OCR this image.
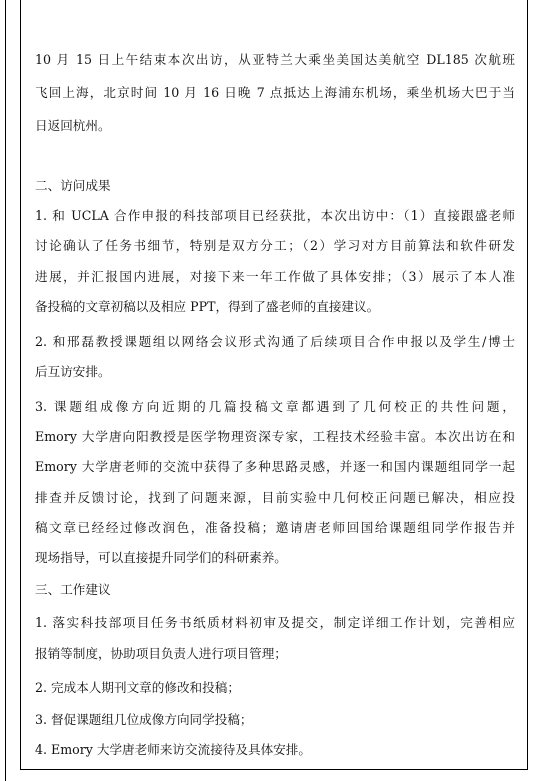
10 月 15 日上午结束本次出访，从亚特兰大乘坐美国达美航空 DL185 次航班
飞回上海，北京时间 10 月 16 日晚 7 点抵达上海浦东机场，乘坐机场大巴于当
日返回杭州。
二、访问成果
1. 和 UCLA 合作申报的科技部项目已经获批，本次出访中：（1）直接跟盛老师
讨论确认了任务书细节，特别是双方分工；（2）学习对方目前算法和软件研发
进展，并汇报国内进展，对接下来一年工作做了具体安排；（3）展示了本人准
备投稿的文章初稿以及相应 PPT，得到了盛老师的直接建议。
2. 和邢磊教授课题组以网络会议形式沟通了后续项目合作申报以及学生/博士
后互访安排。
3. 课题组成像方向近期的几篇投稿文章都遇到了几何校正的共性问题，
Emory 大学唐向阳教授是医学物理资深专家，工程技术经验丰富。本次出访在和
Emory 大学唐老师的交流中获得了多种思路灵感，并逐一和国内课题组同学一起
排查并反馈讨论，找到了问题来源，目前实验中几何校正问题已解决，相应投
稿文章已经经过修改润色，准备投稿；邀请唐老师回国给课题组同学作报告并
现场指导，可以直接提升同学们的科研素养。
三、工作建议
1. 落实科技部项目任务书纸质材料初审及提交，制定详细工作计划，完善相应
报销等制度，协助项目负责人进行项目管理；
2. 完成本人期刊文章的修改和投稿；
3. 督促课题组几位成像方向同学投稿；
4. Emory 大学唐老师来访交流接待及具体安排。
